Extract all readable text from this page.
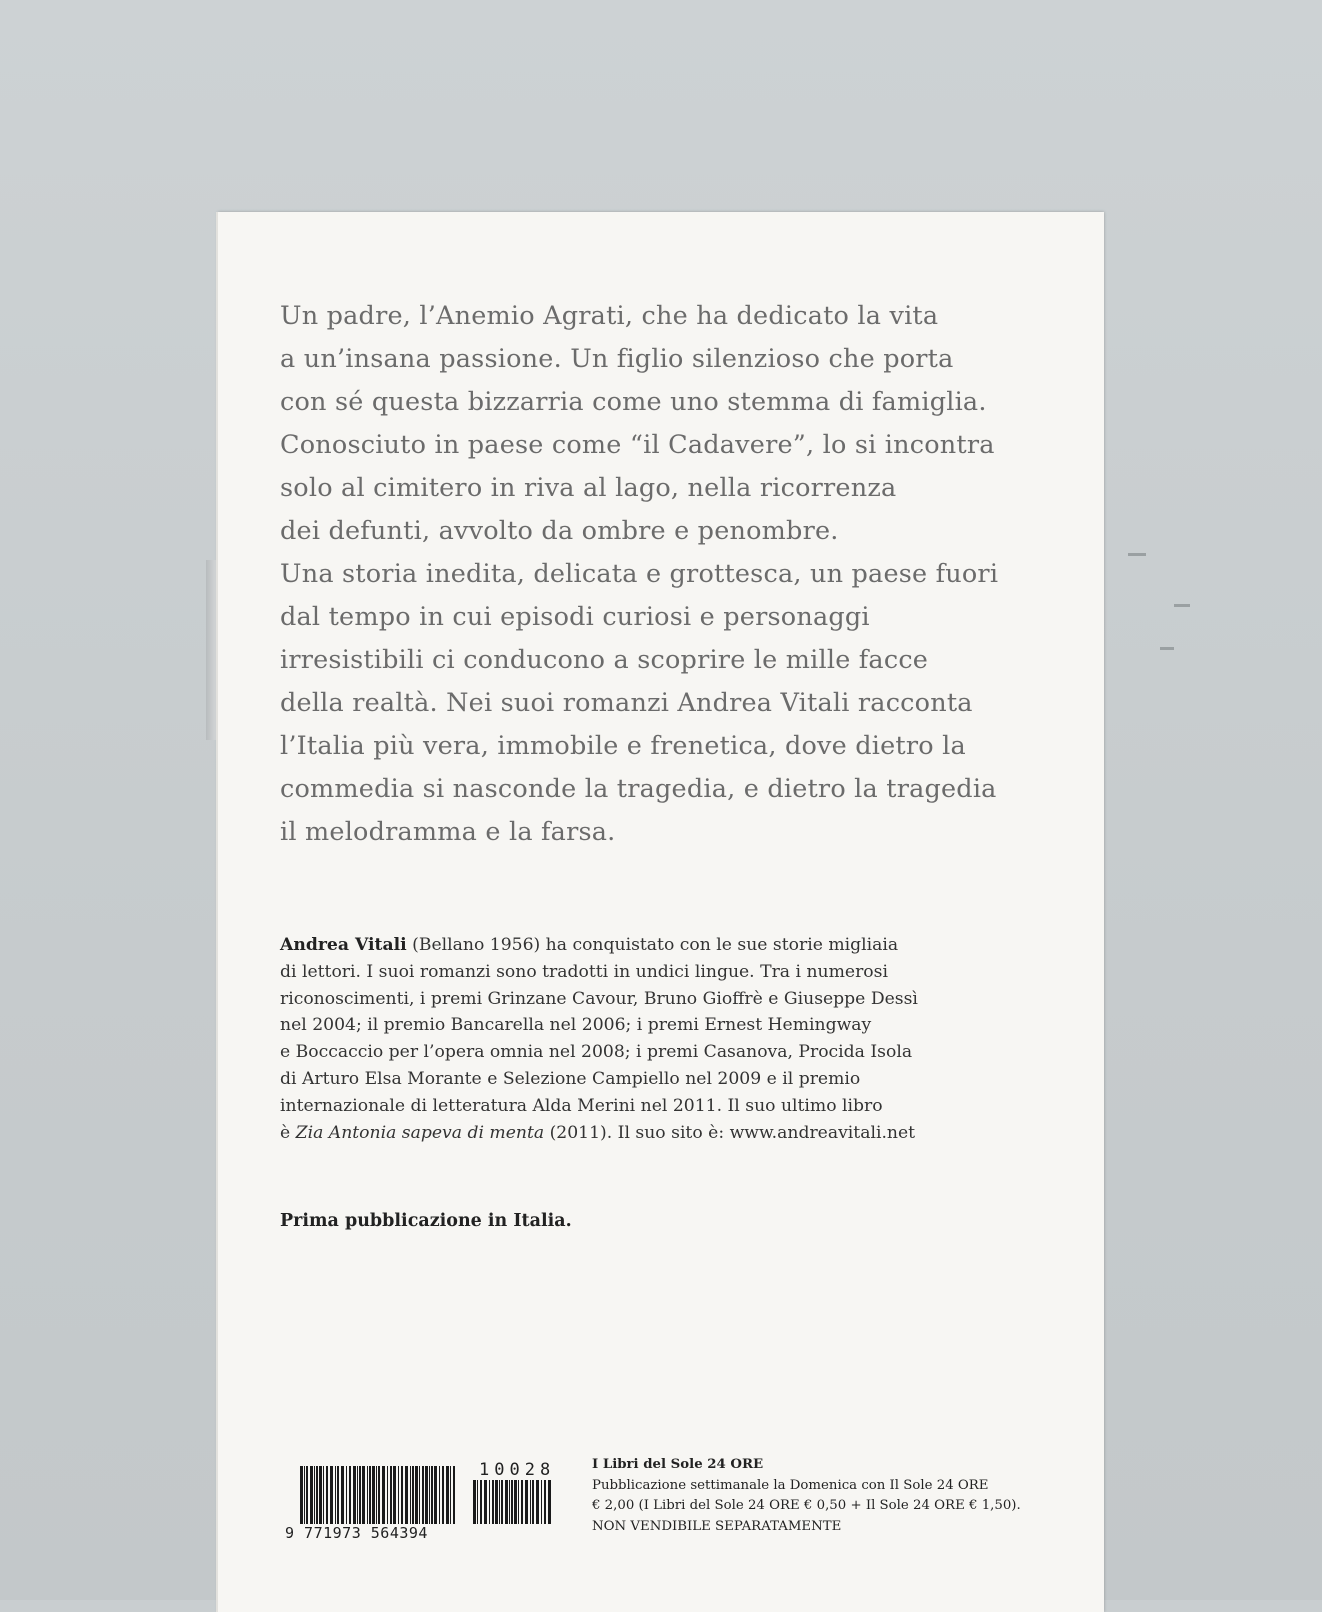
Un padre, l’Anemio Agrati, che ha dedicato la vita
a un’insana passione. Un figlio silenzioso che porta
con sé questa bizzarria come uno stemma di famiglia.
Conosciuto in paese come “il Cadavere”, lo si incontra
solo al cimitero in riva al lago, nella ricorrenza
dei defunti, avvolto da ombre e penombre.
Una storia inedita, delicata e grottesca, un paese fuori
dal tempo in cui episodi curiosi e personaggi
irresistibili ci conducono a scoprire le mille facce
della realtà. Nei suoi romanzi Andrea Vitali racconta
l’Italia più vera, immobile e frenetica, dove dietro la
commedia si nasconde la tragedia, e dietro la tragedia
il melodramma e la farsa.
Andrea Vitali (Bellano 1956) ha conquistato con le sue storie migliaia
di lettori. I suoi romanzi sono tradotti in undici lingue. Tra i numerosi
riconoscimenti, i premi Grinzane Cavour, Bruno Gioffrè e Giuseppe Dessì
nel 2004; il premio Bancarella nel 2006; i premi Ernest Hemingway
e Boccaccio per l’opera omnia nel 2008; i premi Casanova, Procida Isola
di Arturo Elsa Morante e Selezione Campiello nel 2009 e il premio
internazionale di letteratura Alda Merini nel 2011. Il suo ultimo libro
è Zia Antonia sapeva di menta (2011). Il suo sito è: www.andreavitali.net
Prima pubblicazione in Italia.
10028
9 771973 564394
I Libri del Sole 24 ORE
Pubblicazione settimanale la Domenica con Il Sole 24 ORE
€ 2,00 (I Libri del Sole 24 ORE € 0,50 + Il Sole 24 ORE € 1,50).
NON VENDIBILE SEPARATAMENTE
